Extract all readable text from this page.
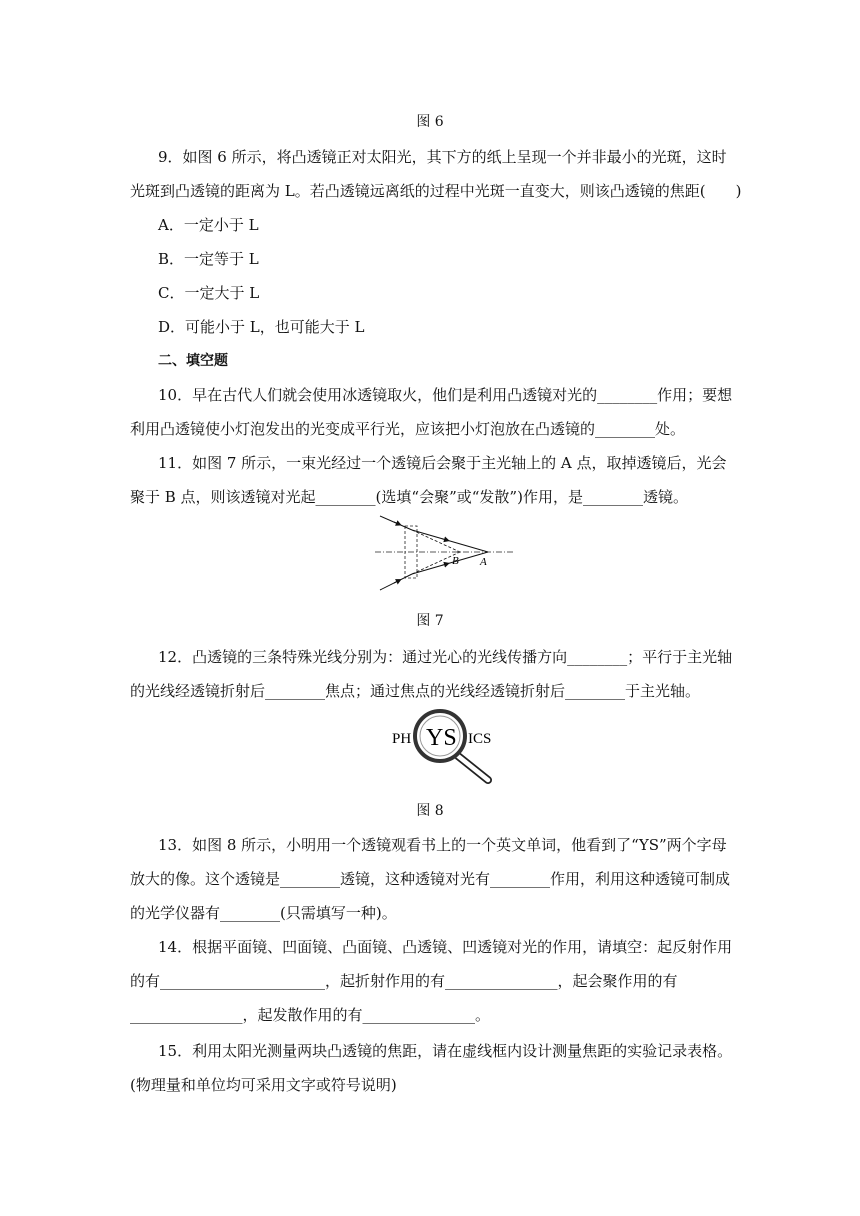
图 6
9．如图 6 所示，将凸透镜正对太阳光，其下方的纸上呈现一个并非最小的光斑，这时
光斑到凸透镜的距离为 L。若凸透镜远离纸的过程中光斑一直变大，则该凸透镜的焦距(　　)
A．一定小于 L
B．一定等于 L
C．一定大于 L
D．可能小于 L，也可能大于 L
二、填空题
10．早在古代人们就会使用冰透镜取火，他们是利用凸透镜对光的________作用；要想
利用凸透镜使小灯泡发出的光变成平行光，应该把小灯泡放在凸透镜的________处。
11．如图 7 所示，一束光经过一个透镜后会聚于主光轴上的 A 点，取掉透镜后，光会
聚于 B 点，则该透镜对光起________(选填“会聚”或“发散”)作用，是________透镜。
B A
图 7
12．凸透镜的三条特殊光线分别为：通过光心的光线传播方向________；平行于主光轴
的光线经透镜折射后________焦点；通过焦点的光线经透镜折射后________于主光轴。
PH YS ICS
图 8
13．如图 8 所示，小明用一个透镜观看书上的一个英文单词，他看到了“YS”两个字母
放大的像。这个透镜是________透镜，这种透镜对光有________作用，利用这种透镜可制成
的光学仪器有________(只需填写一种)。
14．根据平面镜、凹面镜、凸面镜、凸透镜、凹透镜对光的作用，请填空：起反射作用
的有______________________，起折射作用的有_______________，起会聚作用的有
_______________，起发散作用的有_______________。
15．利用太阳光测量两块凸透镜的焦距，请在虚线框内设计测量焦距的实验记录表格。
(物理量和单位均可采用文字或符号说明)
